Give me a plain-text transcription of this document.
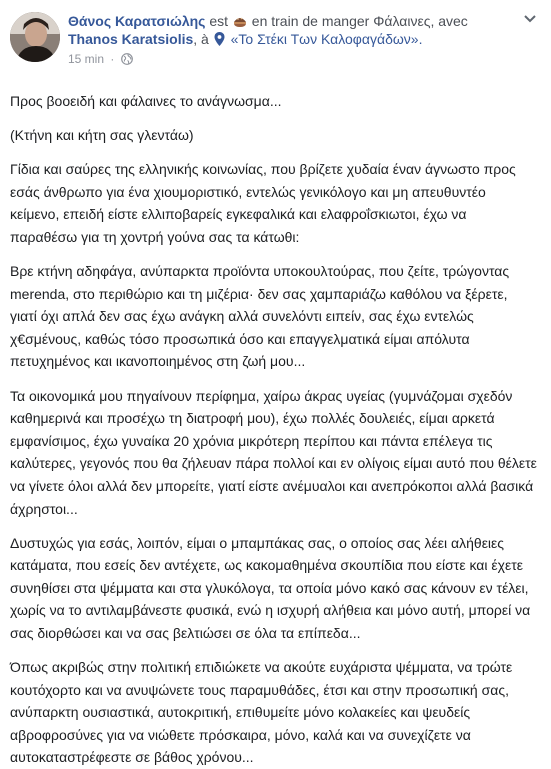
Θάνος Καρατσιώλης est en train de manger Φάλαινες, avec
Thanos Karatsiolis, à «Το Στέκι Των Καλοφαγάδων».
15 min ·

Προς βοοειδή και φάλαινες το ανάγνωσμα...

(Κτήνη και κήτη σας γλεντάω)

Γίδια και σαύρες της ελληνικής κοινωνίας, που βρίζετε χυδαία έναν άγνωστο προς εσάς άνθρωπο για ένα χιουμοριστικό, εντελώς γενικόλογο και μη απευθυντέο κείμενο, επειδή είστε ελλιποβαρείς εγκεφαλικά και ελαφροΐσκιωτοι, έχω να παραθέσω για τη χοντρή γούνα σας τα κάτωθι:

Βρε κτήνη αδηφάγα, ανύπαρκτα προϊόντα υποκουλτούρας, που ζείτε, τρώγοντας merenda, στο περιθώριο και τη μιζέρια· δεν σας χαμπαριάζω καθόλου να ξέρετε, γιατί όχι απλά δεν σας έχω ανάγκη αλλά συνελόντι ειπείν, σας έχω εντελώς χ€σμένους, καθώς τόσο προσωπικά όσο και επαγγελματικά είμαι απόλυτα πετυχημένος και ικανοποιημένος στη ζωή μου...

Τα οικονομικά μου πηγαίνουν περίφημα, χαίρω άκρας υγείας (γυμνάζομαι σχεδόν καθημερινά και προσέχω τη διατροφή μου), έχω πολλές δουλειές, είμαι αρκετά εμφανίσιμος, έχω γυναίκα 20 χρόνια μικρότερη περίπου και πάντα επέλεγα τις καλύτερες, γεγονός που θα ζήλευαν πάρα πολλοί και εν ολίγοις είμαι αυτό που θέλετε να γίνετε όλοι αλλά δεν μπορείτε, γιατί είστε ανέμυαλοι και ανεπρόκοποι αλλά βασικά άχρηστοι...

Δυστυχώς για εσάς, λοιπόν, είμαι ο μπαμπάκας σας, ο οποίος σας λέει αλήθειες κατάματα, που εσείς δεν αντέχετε, ως κακομαθημένα σκουπίδια που είστε και έχετε συνηθίσει στα ψέμματα και στα γλυκόλογα, τα οποία μόνο κακό σας κάνουν εν τέλει, χωρίς να το αντιλαμβάνεστε φυσικά, ενώ η ισχυρή αλήθεια και μόνο αυτή, μπορεί να σας διορθώσει και να σας βελτιώσει σε όλα τα επίπεδα...

Όπως ακριβώς στην πολιτική επιδιώκετε να ακούτε ευχάριστα ψέμματα, να τρώτε κουτόχορτο και να ανυψώνετε τους παραμυθάδες, έτσι και στην προσωπική σας, ανύπαρκτη ουσιαστικά, αυτοκριτική, επιθυμείτε μόνο κολακείες και ψευδείς αβροφροσύνες για να νιώθετε πρόσκαιρα, μόνο, καλά και να συνεχίζετε να αυτοκαταστρέφεστε σε βάθος χρόνου...
